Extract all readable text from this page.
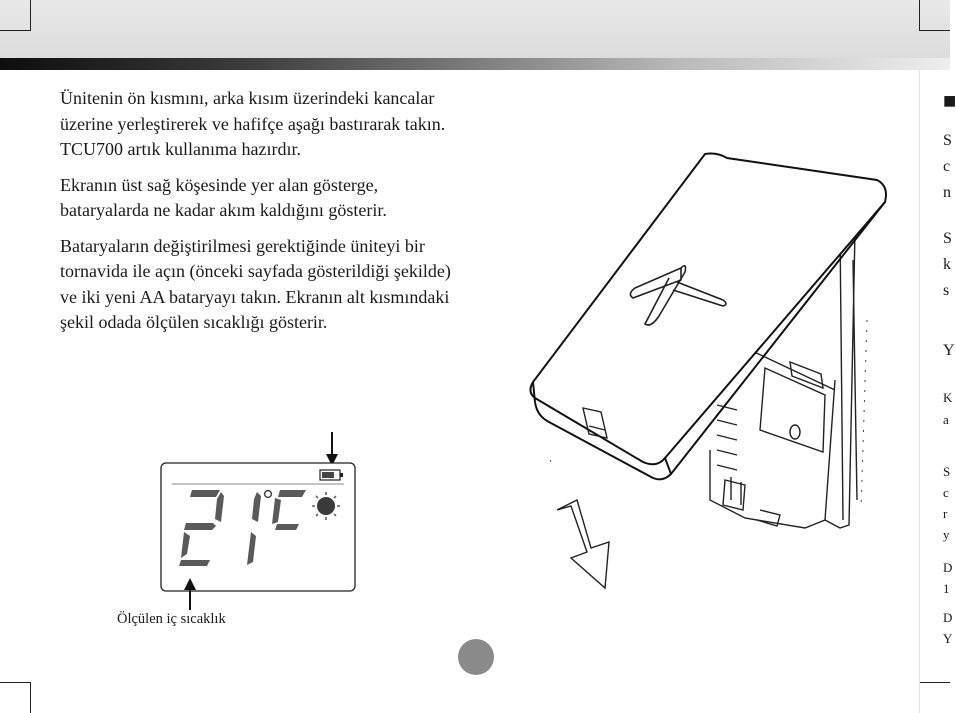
Ünitenin ön kısmını, arka kısım üzerindeki kancalar üzerine yerleştirerek ve hafifçe aşağı bastırarak takın. TCU700 artık kullanıma hazırdır.

Ekranın üst sağ köşesinde yer alan gösterge, bataryalarda ne kadar akım kaldığını gösterir.

Bataryaların değiştirilmesi gerektiğinde üniteyi bir tornavida ile açın (önceki sayfada gösterildiği şekilde) ve iki yeni AA bataryayı takın. Ekranın alt kısmındaki şekil odada ölçülen sıcaklığı gösterir.

Ölçülen iç sıcaklık
■
S
c
n
S
k
s
Y
K
a
S
c
r
y
D
1
D
Y
